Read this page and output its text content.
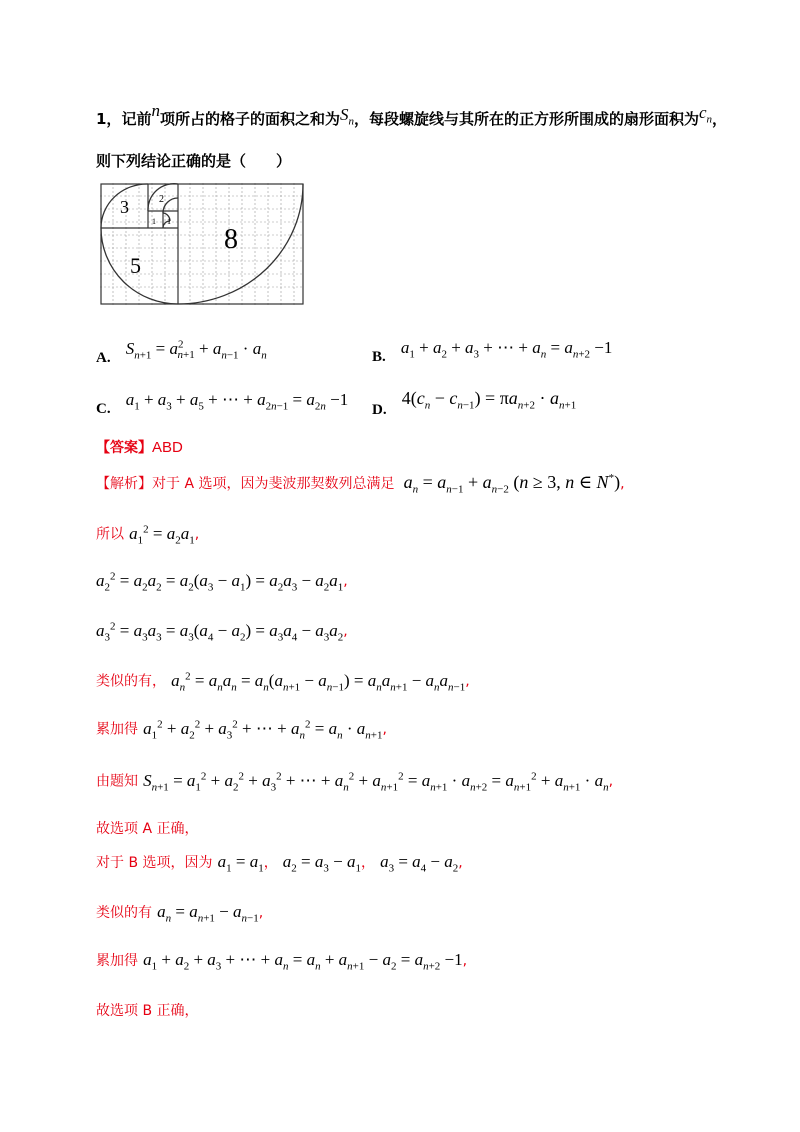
1，记前n项所占的格子的面积之和为$S_n$，每段螺旋线与其所在的正方形所围成的扇形面积为$c_n$，
则下列结论正确的是（　　）
3	2
1 1
5
8
A. $S_{n+1} = a^2_{n+1} + a_{n-1} \cdot a_n$	B. $a_1 + a_2 + a_3$ + ⋯ + $a_n = a_{n+2} -1$
C. $a_1 + a_3 + a_5$ + ⋯ + $a_{2n-1} = a_{2n} -1$
D. $4(c_n - c_{n-1}) = \pi a_{n+2} \cdot a_{n+1}$
【答案】ABD
【解析】对于 A 选项，因为斐波那契数列总满足 $a_n = a_{n-1} + a_{n-2}$ (n ≥ 3, n ∈ N*),
所以 $a_1^2 = a_2a_1$,
$a_2^2 = a_2a_2 = a_2(a_3 - a_1) = a_2a_3 - a_2a_1$,
$a_3^2 = a_3a_3 = a_3(a_4 - a_2) = a_3a_4 - a_3a_2$,
类似的有， $a_n^2 = a_na_n = a_n(a_{n+1} - a_{n-1}) = a_na_{n+1} - a_na_{n-1}$,
累加得 $a_1^2 + a_2^2 + a_3^2$ + ⋯ + $a_n^2 = a_n \cdot a_{n+1}$,
由题知 $S_{n+1} = a_1^2 + a_2^2 + a_3^2$ + ⋯ + $a_n^2 + a_{n+1}^2 = a_{n+1} \cdot a_{n+2} = a_{n+1}^2 + a_{n+1} \cdot a_n$,
故选项 A 正确，
对于 B 选项，因为 $a_1 = a_1$， $a_2 = a_3 - a_1$， $a_3 = a_4 - a_2$,
类似的有 $a_n = a_{n+1} - a_{n-1}$,
累加得 $a_1 + a_2 + a_3$ + ⋯ + $a_n = a_n + a_{n+1} - a_2 = a_{n+2} -1$,
故选项 B 正确，
